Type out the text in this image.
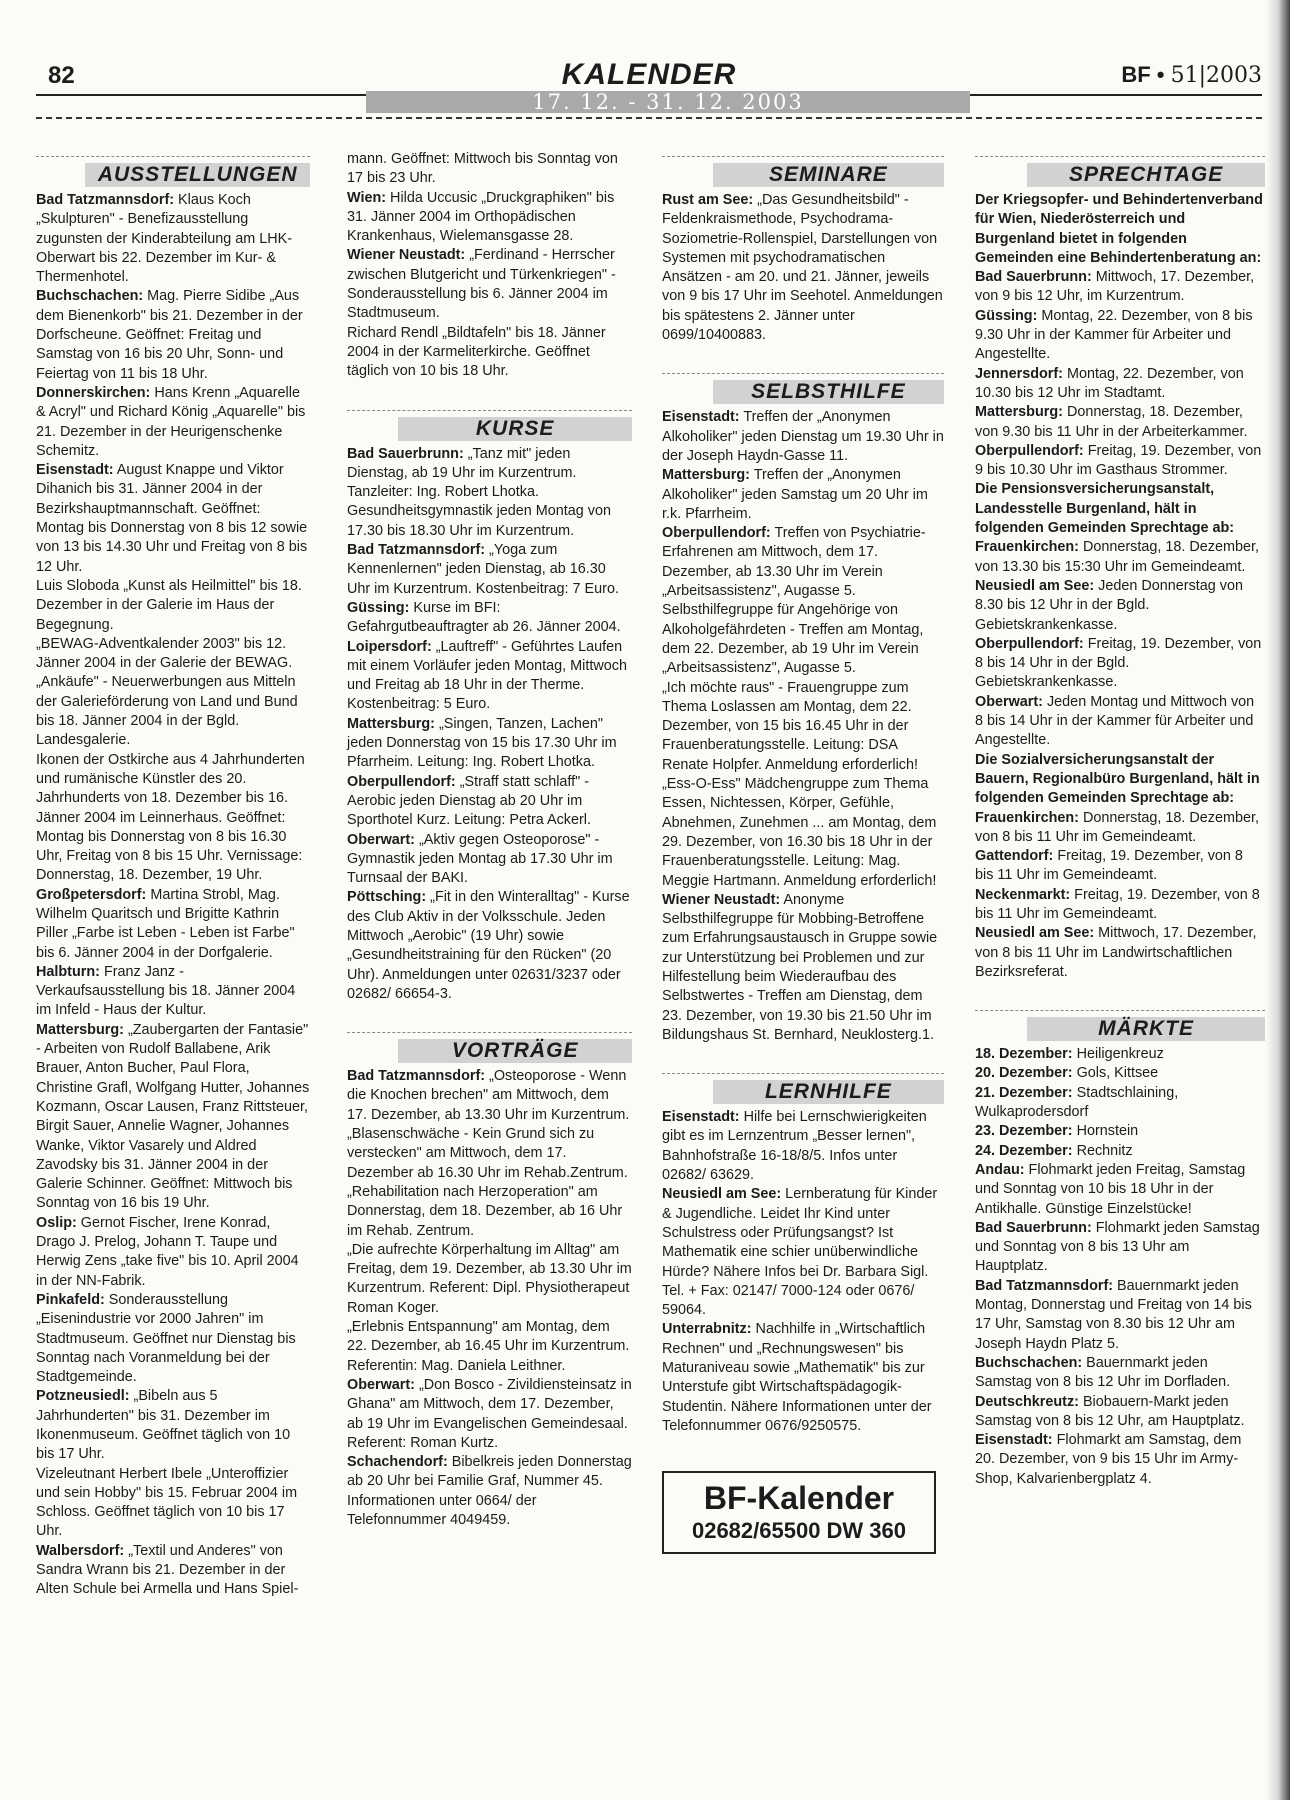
82	KALENDER
17. 12. - 31. 12. 2003
BF • 51|2003
AUSSTELLUNGEN

Bad Tatzmannsdorf: Klaus Koch „Skulpturen" - Benefizausstellung zugunsten der Kinderabteilung am LHK-Oberwart bis 22. Dezember im Kur- & Thermenhotel.

Buchschachen: Mag. Pierre Sidibe „Aus dem Bienenkorb" bis 21. Dezember in der Dorfscheune. Geöffnet: Freitag und Samstag von 16 bis 20 Uhr, Sonn- und Feiertag von 11 bis 18 Uhr.

Donnerskirchen: Hans Krenn „Aquarelle & Acryl" und Richard König „Aquarelle" bis 21. Dezember in der Heurigenschenke Schemitz.

Eisenstadt: August Knappe und Viktor Dihanich bis 31. Jänner 2004 in der Bezirkshauptmannschaft. Geöffnet: Montag bis Donnerstag von 8 bis 12 sowie von 13 bis 14.30 Uhr und Freitag von 8 bis 12 Uhr.

Luis Sloboda „Kunst als Heilmittel" bis 18. Dezember in der Galerie im Haus der Begegnung.

„BEWAG-Adventkalender 2003" bis 12. Jänner 2004 in der Galerie der BEWAG.

„Ankäufe" - Neuerwerbungen aus Mitteln der Galerieförderung von Land und Bund bis 18. Jänner 2004 in der Bgld. Landesgalerie.

Ikonen der Ostkirche aus 4 Jahrhunderten und rumänische Künstler des 20. Jahrhunderts von 18. Dezember bis 16. Jänner 2004 im Leinnerhaus. Geöffnet: Montag bis Donnerstag von 8 bis 16.30 Uhr, Freitag von 8 bis 15 Uhr. Vernissage: Donnerstag, 18. Dezember, 19 Uhr.

Großpetersdorf: Martina Strobl, Mag. Wilhelm Quaritsch und Brigitte Kathrin Piller „Farbe ist Leben - Leben ist Farbe" bis 6. Jänner 2004 in der Dorfgalerie.

Halbturn: Franz Janz - Verkaufsausstellung bis 18. Jänner 2004 im Infeld - Haus der Kultur.

Mattersburg: „Zaubergarten der Fantasie" - Arbeiten von Rudolf Ballabene, Arik Brauer, Anton Bucher, Paul Flora, Christine Grafl, Wolfgang Hutter, Johannes Kozmann, Oscar Lausen, Franz Rittsteuer, Birgit Sauer, Annelie Wagner, Johannes Wanke, Viktor Vasarely und Aldred Zavodsky bis 31. Jänner 2004 in der Galerie Schinner. Geöffnet: Mittwoch bis Sonntag von 16 bis 19 Uhr.

Oslip: Gernot Fischer, Irene Konrad, Drago J. Prelog, Johann T. Taupe und Herwig Zens „take five" bis 10. April 2004 in der NN-Fabrik.

Pinkafeld: Sonderausstellung „Eisenindustrie vor 2000 Jahren" im Stadtmuseum. Geöffnet nur Dienstag bis Sonntag nach Voranmeldung bei der Stadtgemeinde.

Potzneusiedl: „Bibeln aus 5 Jahrhunderten" bis 31. Dezember im Ikonenmuseum. Geöffnet täglich von 10 bis 17 Uhr.

Vizeleutnant Herbert Ibele „Unteroffizier und sein Hobby" bis 15. Februar 2004 im Schloss. Geöffnet täglich von 10 bis 17 Uhr.

Walbersdorf: „Textil und Anderes" von Sandra Wrann bis 21. Dezember in der Alten Schule bei Armella und Hans Spiel-

mann. Geöffnet: Mittwoch bis Sonntag von 17 bis 23 Uhr.

Wien: Hilda Uccusic „Druckgraphiken" bis 31. Jänner 2004 im Orthopädischen Krankenhaus, Wielemansgasse 28.

Wiener Neustadt: „Ferdinand - Herrscher zwischen Blutgericht und Türkenkriegen" - Sonderausstellung bis 6. Jänner 2004 im Stadtmuseum.

Richard Rendl „Bildtafeln" bis 18. Jänner 2004 in der Karmeliterkirche. Geöffnet täglich von 10 bis 18 Uhr.

KURSE

Bad Sauerbrunn: „Tanz mit" jeden Dienstag, ab 19 Uhr im Kurzentrum. Tanzleiter: Ing. Robert Lhotka.

Gesundheitsgymnastik jeden Montag von 17.30 bis 18.30 Uhr im Kurzentrum.

Bad Tatzmannsdorf: „Yoga zum Kennenlernen" jeden Dienstag, ab 16.30 Uhr im Kurzentrum. Kostenbeitrag: 7 Euro.

Güssing: Kurse im BFI: Gefahrgutbeauftragter ab 26. Jänner 2004.

Loipersdorf: „Lauftreff" - Geführtes Laufen mit einem Vorläufer jeden Montag, Mittwoch und Freitag ab 18 Uhr in der Therme. Kostenbeitrag: 5 Euro.

Mattersburg: „Singen, Tanzen, Lachen" jeden Donnerstag von 15 bis 17.30 Uhr im Pfarrheim. Leitung: Ing. Robert Lhotka.

Oberpullendorf: „Straff statt schlaff" - Aerobic jeden Dienstag ab 20 Uhr im Sporthotel Kurz. Leitung: Petra Ackerl.

Oberwart: „Aktiv gegen Osteoporose" - Gymnastik jeden Montag ab 17.30 Uhr im Turnsaal der BAKI.

Pöttsching: „Fit in den Winteralltag" - Kurse des Club Aktiv in der Volksschule. Jeden Mittwoch „Aerobic" (19 Uhr) sowie „Gesundheitstraining für den Rücken" (20 Uhr). Anmeldungen unter 02631/3237 oder 02682/ 66654-3.

VORTRÄGE

Bad Tatzmannsdorf: „Osteoporose - Wenn die Knochen brechen" am Mittwoch, dem 17. Dezember, ab 13.30 Uhr im Kurzentrum.

„Blasenschwäche - Kein Grund sich zu verstecken" am Mittwoch, dem 17. Dezember ab 16.30 Uhr im Rehab.Zentrum.

„Rehabilitation nach Herzoperation" am Donnerstag, dem 18. Dezember, ab 16 Uhr im Rehab. Zentrum.

„Die aufrechte Körperhaltung im Alltag" am Freitag, dem 19. Dezember, ab 13.30 Uhr im Kurzentrum. Referent: Dipl. Physiotherapeut Roman Koger.

„Erlebnis Entspannung" am Montag, dem 22. Dezember, ab 16.45 Uhr im Kurzentrum. Referentin: Mag. Daniela Leithner.

Oberwart: „Don Bosco - Zivildiensteinsatz in Ghana" am Mittwoch, dem 17. Dezember, ab 19 Uhr im Evangelischen Gemeindesaal. Referent: Roman Kurtz.

Schachendorf: Bibelkreis jeden Donnerstag ab 20 Uhr bei Familie Graf, Nummer 45. Informationen unter 0664/ der Telefonnummer 4049459.

SEMINARE

Rust am See: „Das Gesundheitsbild" - Feldenkraismethode, Psychodrama-Soziometrie-Rollenspiel, Darstellungen von Systemen mit psychodramatischen Ansätzen - am 20. und 21. Jänner, jeweils von 9 bis 17 Uhr im Seehotel. Anmeldungen bis spätestens 2. Jänner unter 0699/10400883.

SELBSTHILFE

Eisenstadt: Treffen der „Anonymen Alkoholiker" jeden Dienstag um 19.30 Uhr in der Joseph Haydn-Gasse 11.

Mattersburg: Treffen der „Anonymen Alkoholiker" jeden Samstag um 20 Uhr im r.k. Pfarrheim.

Oberpullendorf: Treffen von Psychiatrie-Erfahrenen am Mittwoch, dem 17. Dezember, ab 13.30 Uhr im Verein „Arbeitsassistenz", Augasse 5.

Selbsthilfegruppe für Angehörige von Alkoholgefährdeten - Treffen am Montag, dem 22. Dezember, ab 19 Uhr im Verein „Arbeitsassistenz", Augasse 5.

„Ich möchte raus" - Frauengruppe zum Thema Loslassen am Montag, dem 22. Dezember, von 15 bis 16.45 Uhr in der Frauenberatungsstelle. Leitung: DSA Renate Holpfer. Anmeldung erforderlich!

„Ess-O-Ess" Mädchengruppe zum Thema Essen, Nichtessen, Körper, Gefühle, Abnehmen, Zunehmen ... am Montag, dem 29. Dezember, von 16.30 bis 18 Uhr in der Frauenberatungsstelle. Leitung: Mag. Meggie Hartmann. Anmeldung erforderlich!

Wiener Neustadt: Anonyme Selbsthilfegruppe für Mobbing-Betroffene zum Erfahrungsaustausch in Gruppe sowie zur Unterstützung bei Problemen und zur Hilfestellung beim Wiederaufbau des Selbstwertes - Treffen am Dienstag, dem 23. Dezember, von 19.30 bis 21.50 Uhr im Bildungshaus St. Bernhard, Neuklosterg.1.

LERNHILFE

Eisenstadt: Hilfe bei Lernschwierigkeiten gibt es im Lernzentrum „Besser lernen", Bahnhofstraße 16-18/8/5. Infos unter 02682/ 63629.

Neusiedl am See: Lernberatung für Kinder & Jugendliche. Leidet Ihr Kind unter Schulstress oder Prüfungsangst? Ist Mathematik eine schier unüberwindliche Hürde? Nähere Infos bei Dr. Barbara Sigl. Tel. + Fax: 02147/ 7000-124 oder 0676/ 59064.

Unterrabnitz: Nachhilfe in „Wirtschaftlich Rechnen" und „Rechnungswesen" bis Maturaniveau sowie „Mathematik" bis zur Unterstufe gibt Wirtschaftspädagogik-Studentin. Nähere Informationen unter der Telefonnummer 0676/9250575.

BF-Kalender
02682/65500 DW 360
SPRECHTAGE

Der Kriegsopfer- und Behindertenverband für Wien, Niederösterreich und Burgenland bietet in folgenden Gemeinden eine Behindertenberatung an:

Bad Sauerbrunn: Mittwoch, 17. Dezember, von 9 bis 12 Uhr, im Kurzentrum.

Güssing: Montag, 22. Dezember, von 8 bis 9.30 Uhr in der Kammer für Arbeiter und Angestellte.

Jennersdorf: Montag, 22. Dezember, von 10.30 bis 12 Uhr im Stadtamt.

Mattersburg: Donnerstag, 18. Dezember, von 9.30 bis 11 Uhr in der Arbeiterkammer.

Oberpullendorf: Freitag, 19. Dezember, von 9 bis 10.30 Uhr im Gasthaus Strommer.

Die Pensionsversicherungsanstalt, Landesstelle Burgenland, hält in folgenden Gemeinden Sprechtage ab:

Frauenkirchen: Donnerstag, 18. Dezember, von 13.30 bis 15:30 Uhr im Gemeindeamt.

Neusiedl am See: Jeden Donnerstag von 8.30 bis 12 Uhr in der Bgld. Gebietskrankenkasse.

Oberpullendorf: Freitag, 19. Dezember, von 8 bis 14 Uhr in der Bgld. Gebietskrankenkasse.

Oberwart: Jeden Montag und Mittwoch von 8 bis 14 Uhr in der Kammer für Arbeiter und Angestellte.

Die Sozialversicherungsanstalt der Bauern, Regionalbüro Burgenland, hält in folgenden Gemeinden Sprechtage ab:

Frauenkirchen: Donnerstag, 18. Dezember, von 8 bis 11 Uhr im Gemeindeamt.

Gattendorf: Freitag, 19. Dezember, von 8 bis 11 Uhr im Gemeindeamt.

Neckenmarkt: Freitag, 19. Dezember, von 8 bis 11 Uhr im Gemeindeamt.

Neusiedl am See: Mittwoch, 17. Dezember, von 8 bis 11 Uhr im Landwirtschaftlichen Bezirksreferat.

MÄRKTE

18. Dezember: Heiligenkreuz

20. Dezember: Gols, Kittsee

21. Dezember: Stadtschlaining, Wulkaprodersdorf

23. Dezember: Hornstein

24. Dezember: Rechnitz

Andau: Flohmarkt jeden Freitag, Samstag und Sonntag von 10 bis 18 Uhr in der Antikhalle. Günstige Einzelstücke!

Bad Sauerbrunn: Flohmarkt jeden Samstag und Sonntag von 8 bis 13 Uhr am Hauptplatz.

Bad Tatzmannsdorf: Bauernmarkt jeden Montag, Donnerstag und Freitag von 14 bis 17 Uhr, Samstag von 8.30 bis 12 Uhr am Joseph Haydn Platz 5.

Buchschachen: Bauernmarkt jeden Samstag von 8 bis 12 Uhr im Dorfladen.

Deutschkreutz: Biobauern-Markt jeden Samstag von 8 bis 12 Uhr, am Hauptplatz.

Eisenstadt: Flohmarkt am Samstag, dem 20. Dezember, von 9 bis 15 Uhr im Army-Shop, Kalvarienbergplatz 4.
